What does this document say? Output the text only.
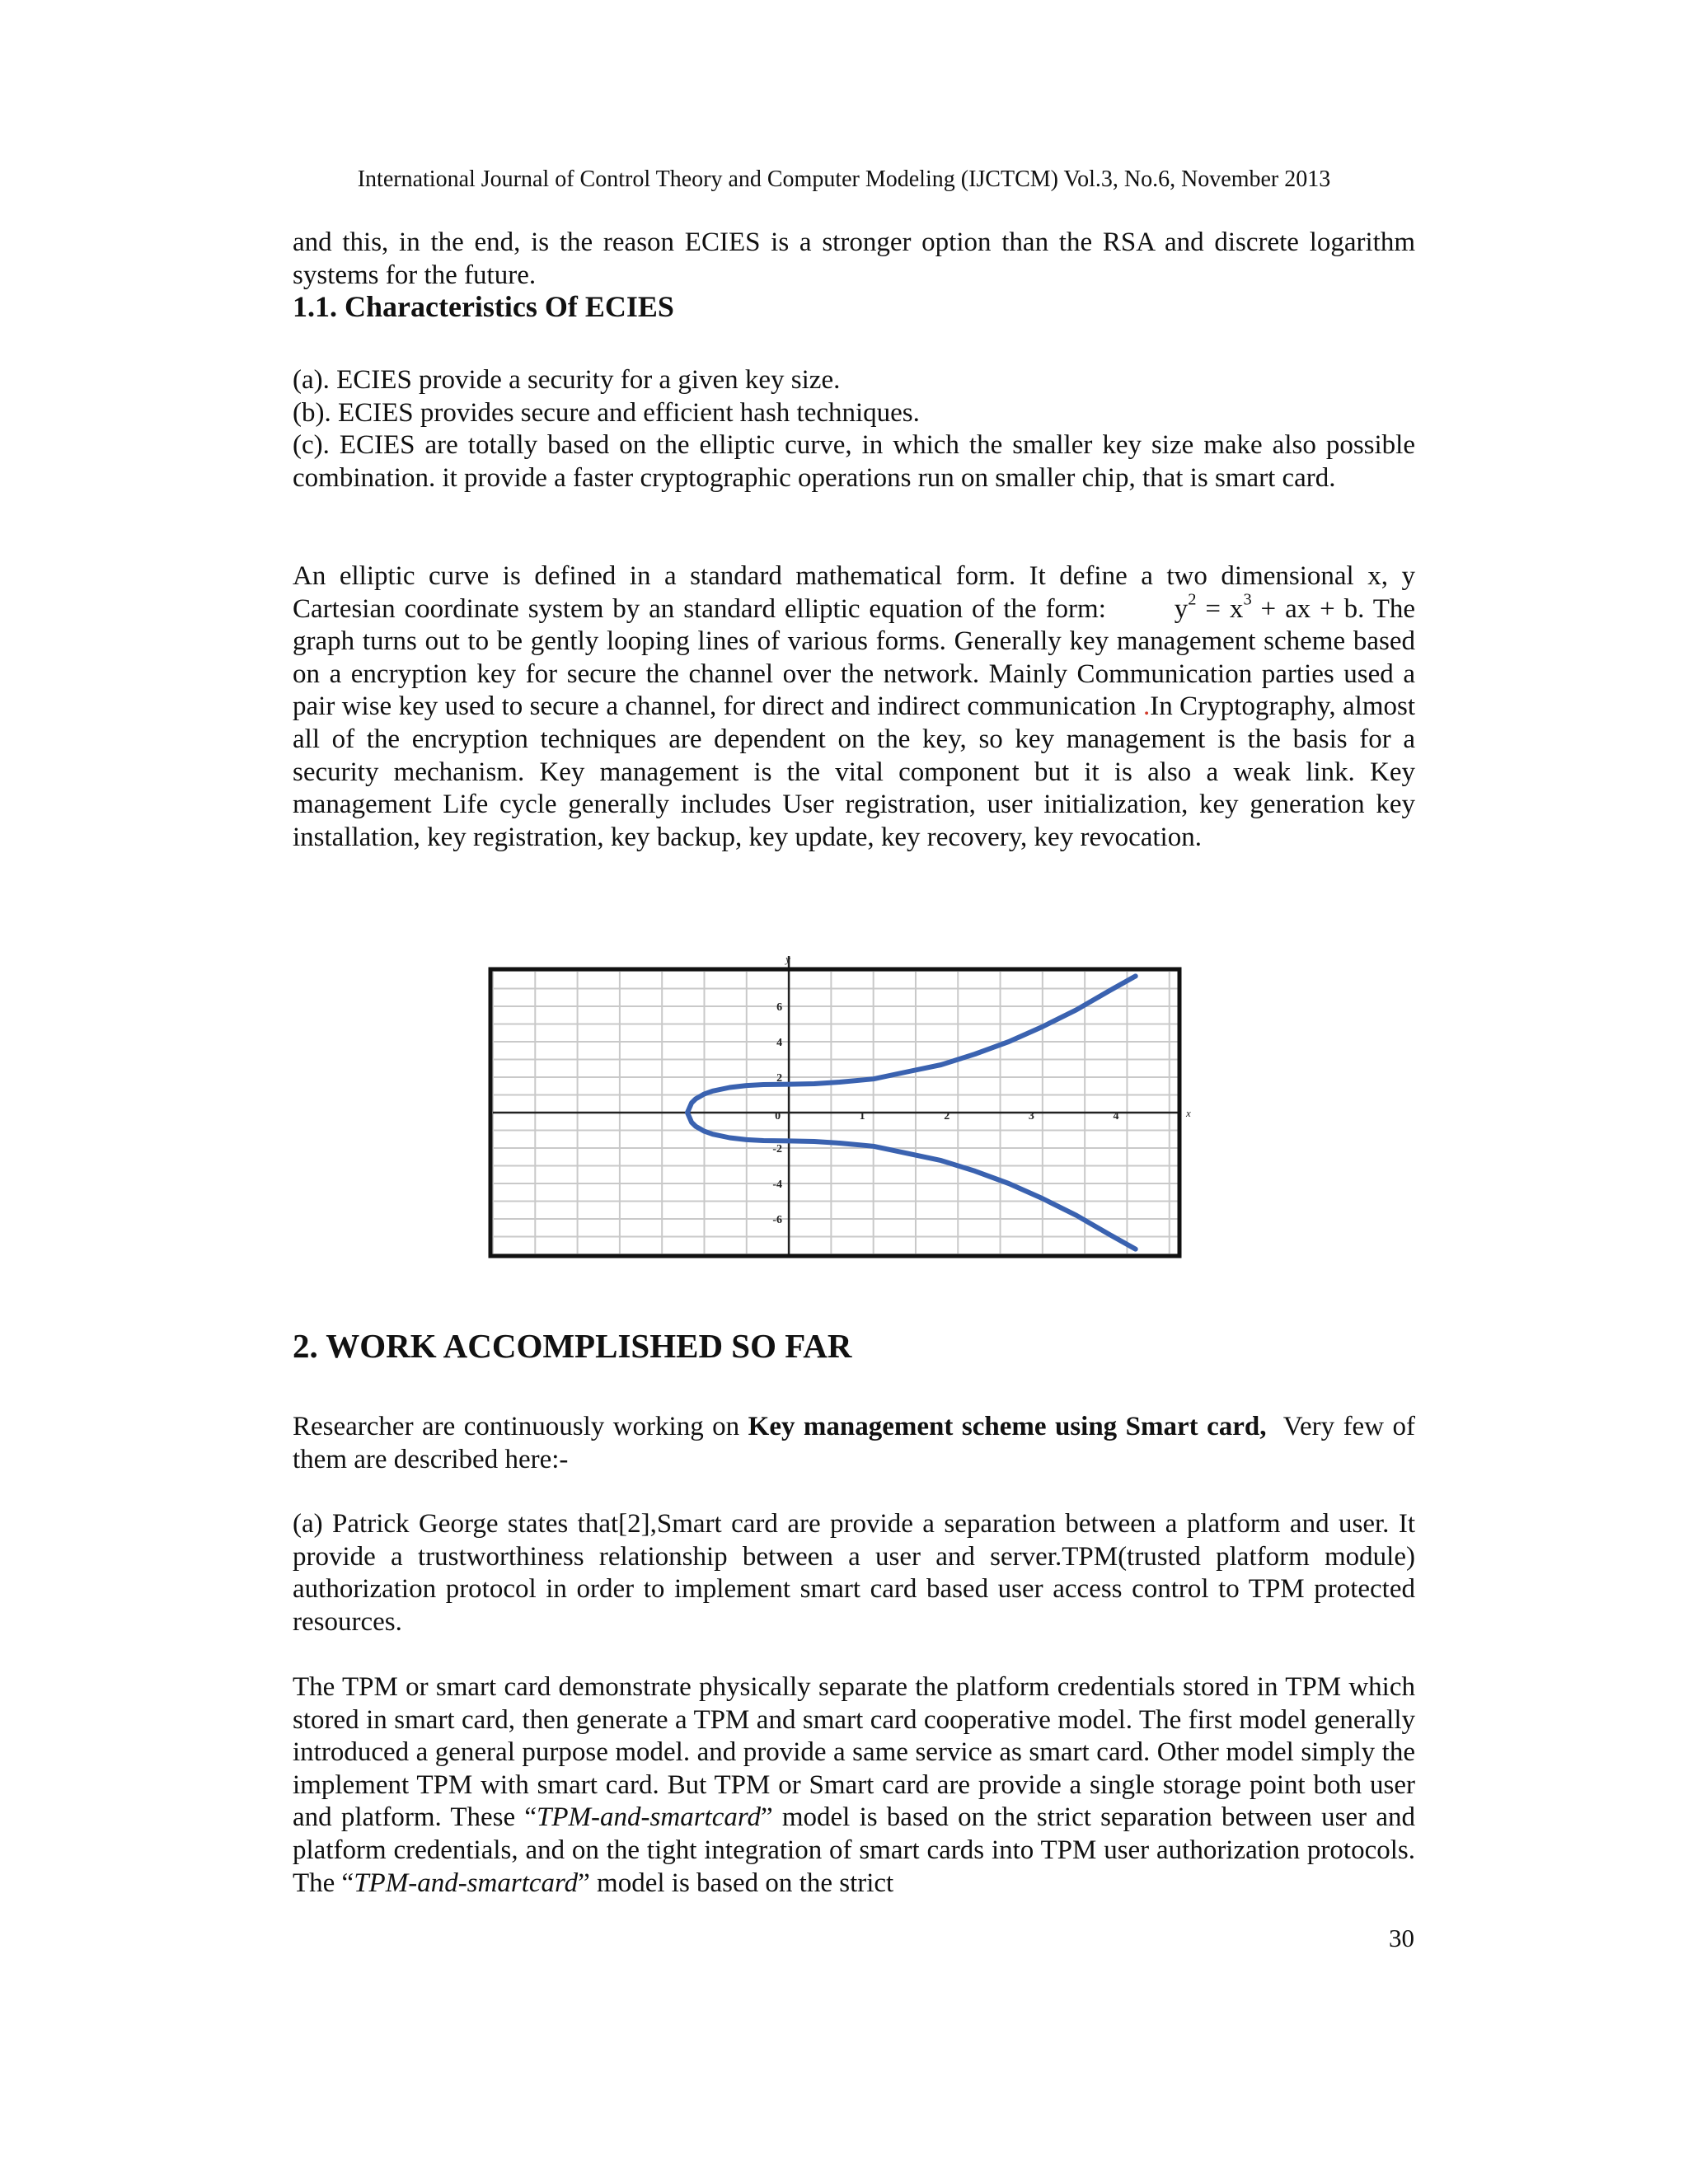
International Journal of Control Theory and Computer Modeling (IJCTCM) Vol.3, No.6, November 2013

and this, in the end, is the reason ECIES is a stronger option than the RSA and discrete logarithm systems for the future.

1.1. Characteristics Of ECIES

(a). ECIES provide a security for a given key size.

(b). ECIES provides secure and efficient hash techniques.

(c). ECIES are totally based on the elliptic curve, in which the smaller key size make also possible combination. it provide a faster cryptographic operations run on smaller chip, that is smart card.

An elliptic curve is defined in a standard mathematical form. It define a two dimensional x, y Cartesian coordinate system by an standard elliptic equation of the form:	$y^2 = x^3$ + ax + b. The graph turns out to be gently looping lines of various forms. Generally key management scheme based on a encryption key for secure the channel over the network. Mainly Communication parties used a pair wise key used to secure a channel, for direct and indirect communication .In Cryptography, almost all of the encryption techniques are dependent on the key, so key management is the basis for a security mechanism. Key management is the vital component but it is also a weak link. Key management Life cycle generally includes User registration, user initialization, key generation key installation, key registration, key backup, key update, key recovery, key revocation.

x
y
0	1	2	3	4
6
4
2
-2
-4
-6
2. WORK ACCOMPLISHED SO FAR

Researcher are continuously working on Key management scheme using Smart card,  Very few of them are described here:-

(a) Patrick George states that[2],Smart card are provide a separation between a platform and user. It provide a trustworthiness relationship between a user and server.TPM(trusted platform module) authorization protocol in order to implement smart card based user access control to TPM protected resources.

The TPM or smart card demonstrate physically separate the platform credentials stored in TPM which stored in smart card, then generate a TPM and smart card cooperative model. The first model generally introduced a general purpose model. and provide a same service as smart card. Other model simply the implement TPM with smart card. But TPM or Smart card are provide a single storage point both user and platform. These “TPM-and-smartcard” model is based on the strict separation between user and platform credentials, and on the tight integration of smart cards into TPM user authorization protocols. The “TPM-and-smartcard” model is based on the strict

30
